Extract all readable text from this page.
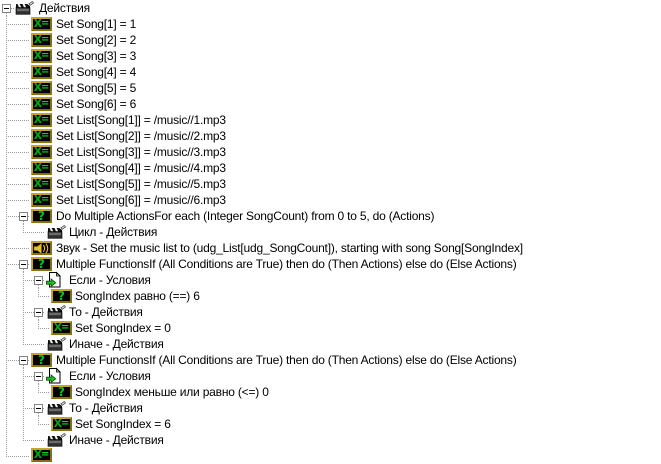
Действия
X = Set Song[1] = 1
X = Set Song[2] = 2
X = Set Song[3] = 3
X = Set Song[4] = 4
X = Set Song[5] = 5
X = Set Song[6] = 6
X = Set List[Song[1]] = /music//1.mp3
X = Set List[Song[2]] = /music//2.mp3
X = Set List[Song[3]] = /music//3.mp3
X = Set List[Song[4]] = /music//4.mp3
X = Set List[Song[5]] = /music//5.mp3
X = Set List[Song[6]] = /music//6.mp3
? Do Multiple ActionsFor each (Integer SongCount) from 0 to 5, do (Actions)
Цикл - Действия
Звук - Set the music list to (udg_List[udg_SongCount]), starting with song Song[SongIndex]
? Multiple FunctionsIf (All Conditions are True) then do (Then Actions) else do (Else Actions)
Если - Условия
? SongIndex равно (==) 6
То - Действия
X = Set SongIndex = 0
Иначе - Действия
? Multiple FunctionsIf (All Conditions are True) then do (Then Actions) else do (Else Actions)
Если - Условия
? SongIndex меньше или равно (<=) 0
То - Действия
X = Set SongIndex = 6
Иначе - Действия
X =
